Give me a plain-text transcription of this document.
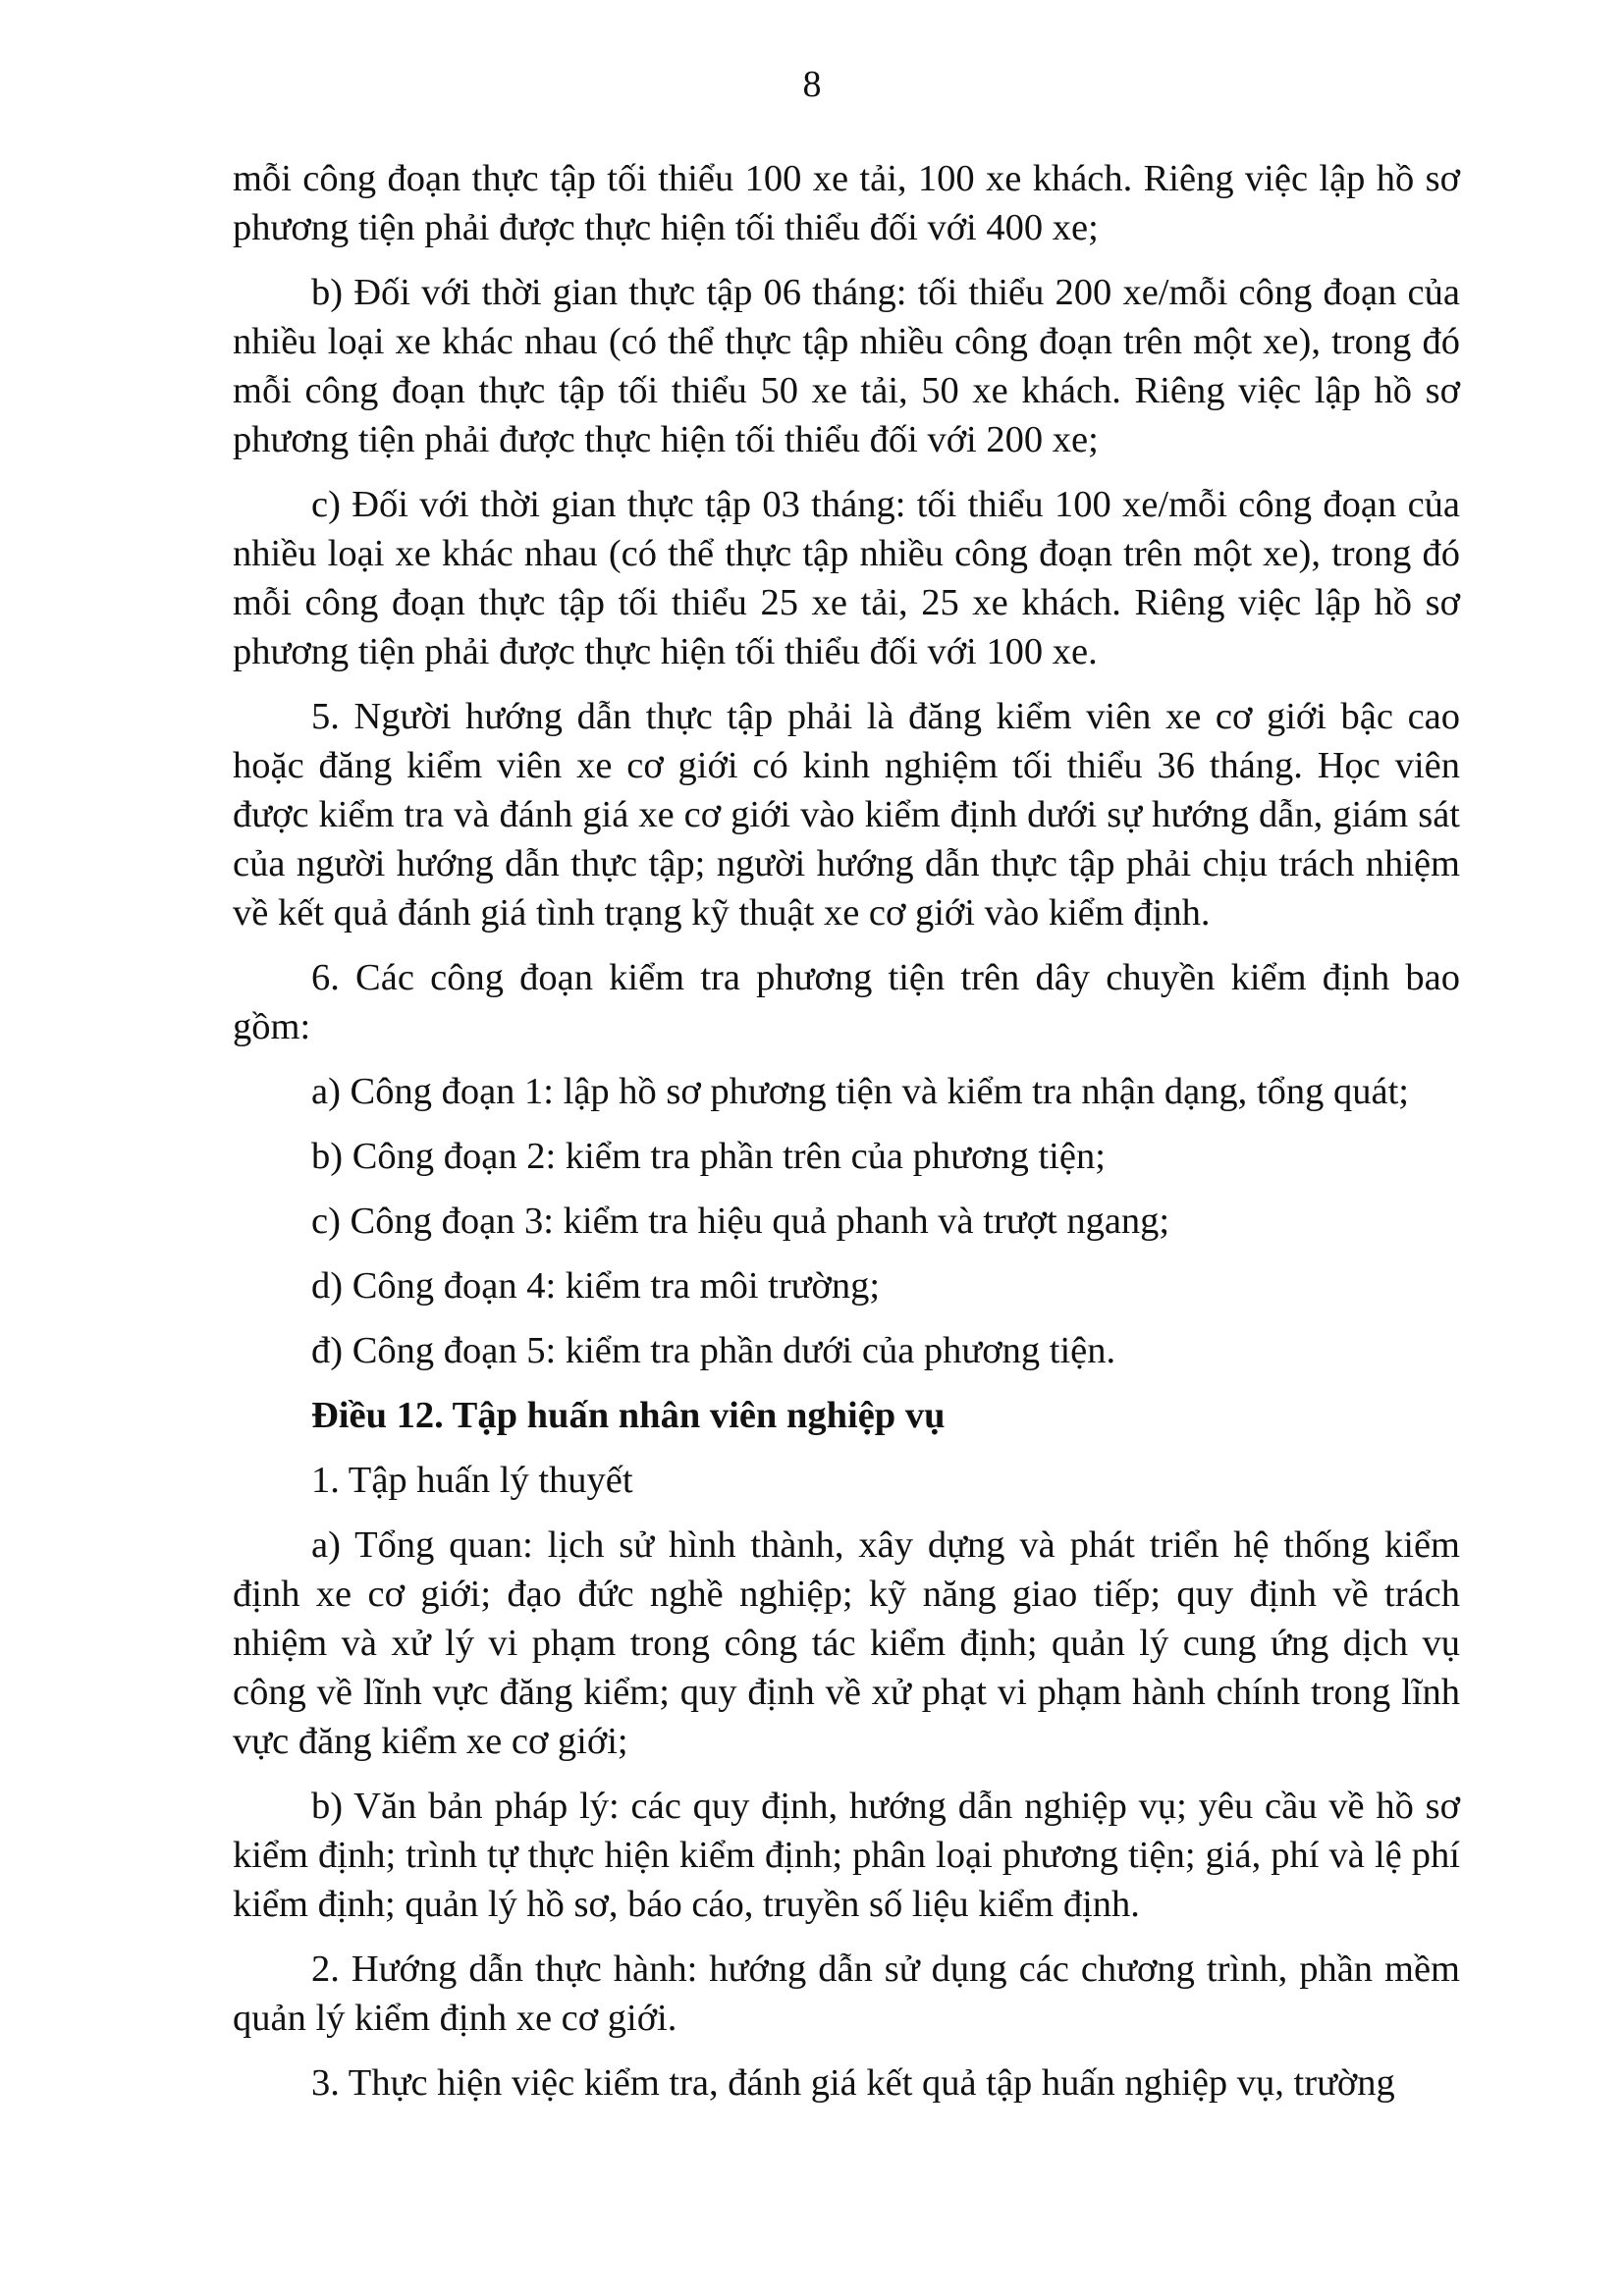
8

mỗi công đoạn thực tập tối thiểu 100 xe tải, 100 xe khách. Riêng việc lập hồ sơ phương tiện phải được thực hiện tối thiểu đối với 400 xe;

b) Đối với thời gian thực tập 06 tháng: tối thiểu 200 xe/mỗi công đoạn của nhiều loại xe khác nhau (có thể thực tập nhiều công đoạn trên một xe), trong đó mỗi công đoạn thực tập tối thiểu 50 xe tải, 50 xe khách. Riêng việc lập hồ sơ phương tiện phải được thực hiện tối thiểu đối với 200 xe;

c) Đối với thời gian thực tập 03 tháng: tối thiểu 100 xe/mỗi công đoạn của nhiều loại xe khác nhau (có thể thực tập nhiều công đoạn trên một xe), trong đó mỗi công đoạn thực tập tối thiểu 25 xe tải, 25 xe khách. Riêng việc lập hồ sơ phương tiện phải được thực hiện tối thiểu đối với 100 xe.

5. Người hướng dẫn thực tập phải là đăng kiểm viên xe cơ giới bậc cao hoặc đăng kiểm viên xe cơ giới có kinh nghiệm tối thiểu 36 tháng. Học viên được kiểm tra và đánh giá xe cơ giới vào kiểm định dưới sự hướng dẫn, giám sát của người hướng dẫn thực tập; người hướng dẫn thực tập phải chịu trách nhiệm về kết quả đánh giá tình trạng kỹ thuật xe cơ giới vào kiểm định.

6. Các công đoạn kiểm tra phương tiện trên dây chuyền kiểm định bao gồm:

a) Công đoạn 1: lập hồ sơ phương tiện và kiểm tra nhận dạng, tổng quát;

b) Công đoạn 2: kiểm tra phần trên của phương tiện;

c) Công đoạn 3: kiểm tra hiệu quả phanh và trượt ngang;

d) Công đoạn 4: kiểm tra môi trường;

đ) Công đoạn 5: kiểm tra phần dưới của phương tiện.

Điều 12. Tập huấn nhân viên nghiệp vụ

1. Tập huấn lý thuyết

a) Tổng quan: lịch sử hình thành, xây dựng và phát triển hệ thống kiểm định xe cơ giới; đạo đức nghề nghiệp; kỹ năng giao tiếp; quy định về trách nhiệm và xử lý vi phạm trong công tác kiểm định; quản lý cung ứng dịch vụ công về lĩnh vực đăng kiểm; quy định về xử phạt vi phạm hành chính trong lĩnh vực đăng kiểm xe cơ giới;

b) Văn bản pháp lý: các quy định, hướng dẫn nghiệp vụ; yêu cầu về hồ sơ kiểm định; trình tự thực hiện kiểm định; phân loại phương tiện; giá, phí và lệ phí kiểm định; quản lý hồ sơ, báo cáo, truyền số liệu kiểm định.

2. Hướng dẫn thực hành: hướng dẫn sử dụng các chương trình, phần mềm quản lý kiểm định xe cơ giới.

3. Thực hiện việc kiểm tra, đánh giá kết quả tập huấn nghiệp vụ, trường
